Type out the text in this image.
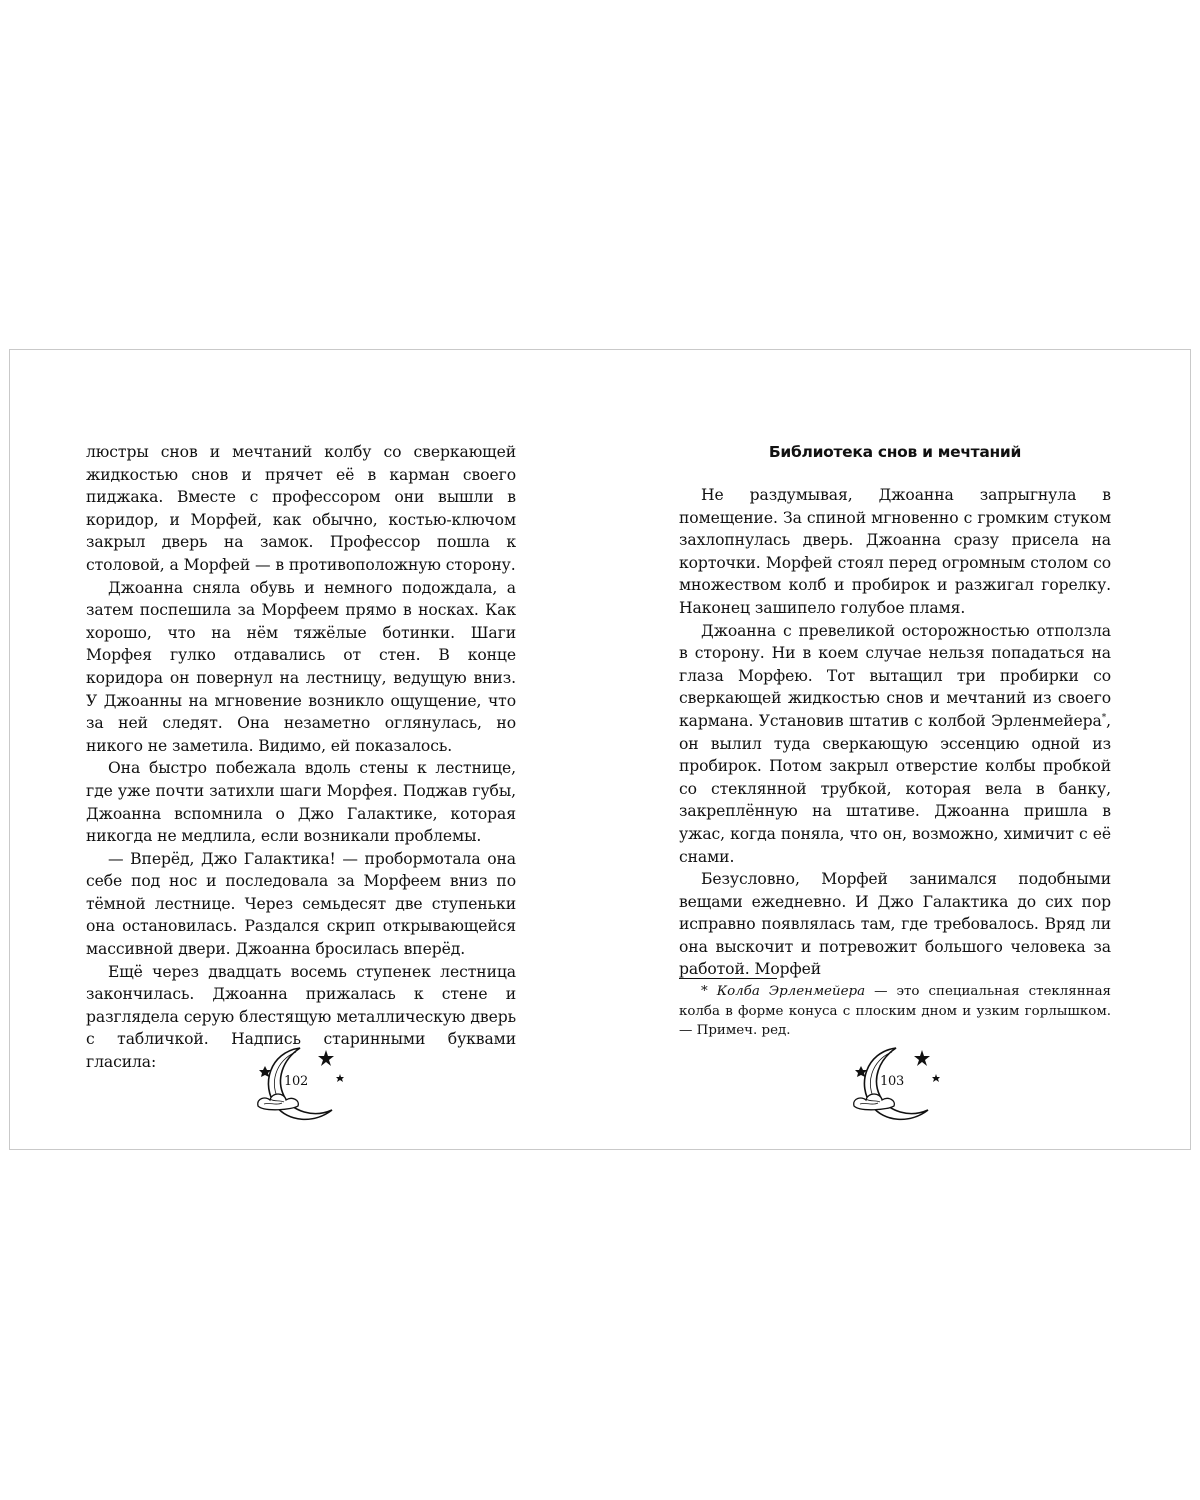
люстры снов и мечтаний колбу со сверкающей жидкостью снов и прячет её в карман своего пиджака. Вместе с профессором они вышли в коридор, и Морфей, как обычно, костью-ключом закрыл дверь на замок. Профессор пошла к столовой, а Морфей — в противоположную сторону.

Джоанна сняла обувь и немного подождала, а затем поспешила за Морфеем прямо в носках. Как хорошо, что на нём тяжёлые ботинки. Шаги Морфея гулко отдавались от стен. В конце коридора он повернул на лестницу, ведущую вниз. У Джоанны на мгновение возникло ощущение, что за ней следят. Она незаметно оглянулась, но никого не заметила. Видимо, ей показалось.

Она быстро побежала вдоль стены к лестнице, где уже почти затихли шаги Морфея. Поджав губы, Джоанна вспомнила о Джо Галактике, которая никогда не медлила, если возникали проблемы.

— Вперёд, Джо Галактика! — пробормотала она себе под нос и последовала за Морфеем вниз по тёмной лестнице. Через семьдесят две ступеньки она остановилась. Раздался скрип открывающейся массивной двери. Джоанна бросилась вперёд.

Ещё через двадцать восемь ступенек лестница закончилась. Джоанна прижалась к стене и разглядела серую блестящую металлическую дверь с табличкой. Надпись старинными буквами гласила:

102
Библиотека снов и мечтаний

Не раздумывая, Джоанна запрыгнула в помещение. За спиной мгновенно с громким стуком захлопнулась дверь. Джоанна сразу присела на корточки. Морфей стоял перед огромным столом со множеством колб и пробирок и разжигал горелку. Наконец зашипело голубое пламя.

Джоанна с превеликой осторожностью отползла в сторону. Ни в коем случае нельзя попадаться на глаза Морфею. Тот вытащил три пробирки со сверкающей жидкостью снов и мечтаний из своего кармана. Установив штатив с колбой Эрленмейера*, он вылил туда сверкающую эссенцию одной из пробирок. Потом закрыл отверстие колбы пробкой со стеклянной трубкой, которая вела в банку, закреплённую на штативе. Джоанна пришла в ужас, когда поняла, что он, возможно, химичит с её снами.

Безусловно, Морфей занимался подобными вещами ежедневно. И Джо Галактика до сих пор исправно появлялась там, где требовалось. Вряд ли она выскочит и потревожит большого человека за работой. Морфей

* Колба Эрленмейера — это специальная стеклянная колба в форме конуса с плоским дном и узким горлышком. — Примеч. ред.
103
